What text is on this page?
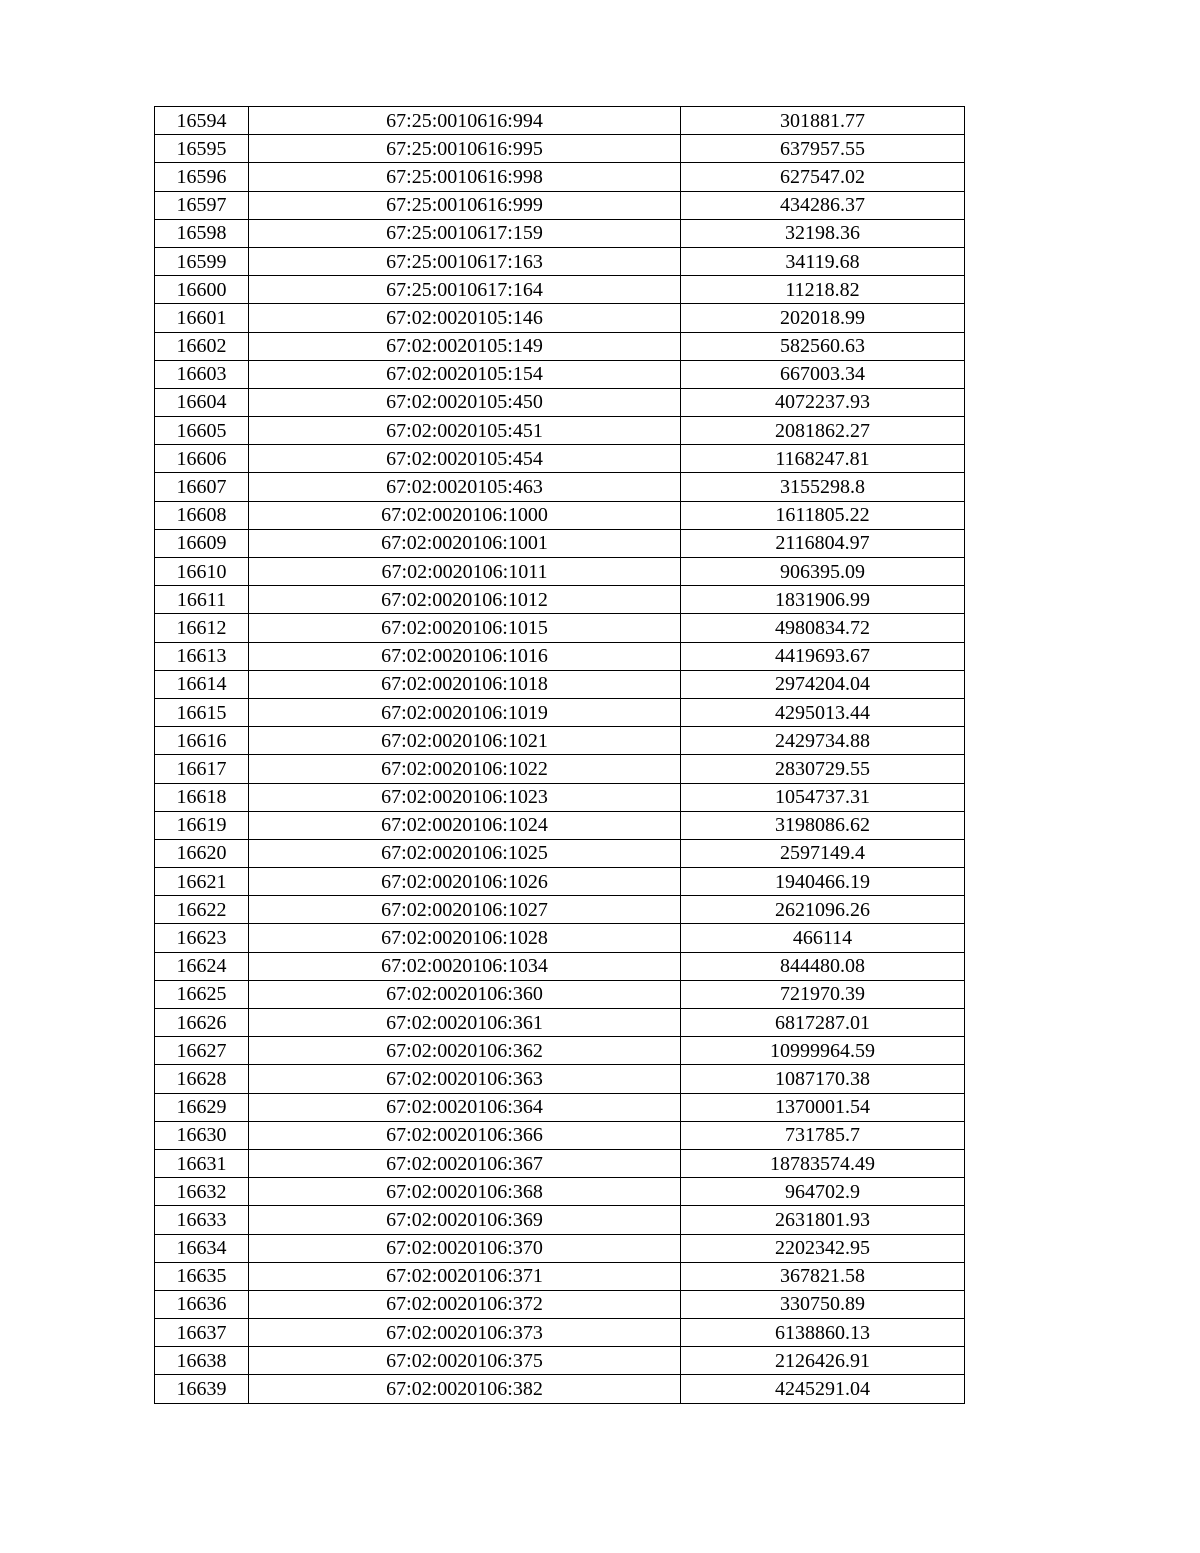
16594	67:25:0010616:994	301881.77
16595	67:25:0010616:995	637957.55
16596	67:25:0010616:998	627547.02
16597	67:25:0010616:999	434286.37
16598	67:25:0010617:159	32198.36
16599	67:25:0010617:163	34119.68
16600	67:25:0010617:164	11218.82
16601	67:02:0020105:146	202018.99
16602	67:02:0020105:149	582560.63
16603	67:02:0020105:154	667003.34
16604	67:02:0020105:450	4072237.93
16605	67:02:0020105:451	2081862.27
16606	67:02:0020105:454	1168247.81
16607	67:02:0020105:463	3155298.8
16608	67:02:0020106:1000	1611805.22
16609	67:02:0020106:1001	2116804.97
16610	67:02:0020106:1011	906395.09
16611	67:02:0020106:1012	1831906.99
16612	67:02:0020106:1015	4980834.72
16613	67:02:0020106:1016	4419693.67
16614	67:02:0020106:1018	2974204.04
16615	67:02:0020106:1019	4295013.44
16616	67:02:0020106:1021	2429734.88
16617	67:02:0020106:1022	2830729.55
16618	67:02:0020106:1023	1054737.31
16619	67:02:0020106:1024	3198086.62
16620	67:02:0020106:1025	2597149.4
16621	67:02:0020106:1026	1940466.19
16622	67:02:0020106:1027	2621096.26
16623	67:02:0020106:1028	466114
16624	67:02:0020106:1034	844480.08
16625	67:02:0020106:360	721970.39
16626	67:02:0020106:361	6817287.01
16627	67:02:0020106:362	10999964.59
16628	67:02:0020106:363	1087170.38
16629	67:02:0020106:364	1370001.54
16630	67:02:0020106:366	731785.7
16631	67:02:0020106:367	18783574.49
16632	67:02:0020106:368	964702.9
16633	67:02:0020106:369	2631801.93
16634	67:02:0020106:370	2202342.95
16635	67:02:0020106:371	367821.58
16636	67:02:0020106:372	330750.89
16637	67:02:0020106:373	6138860.13
16638	67:02:0020106:375	2126426.91
16639	67:02:0020106:382	4245291.04
